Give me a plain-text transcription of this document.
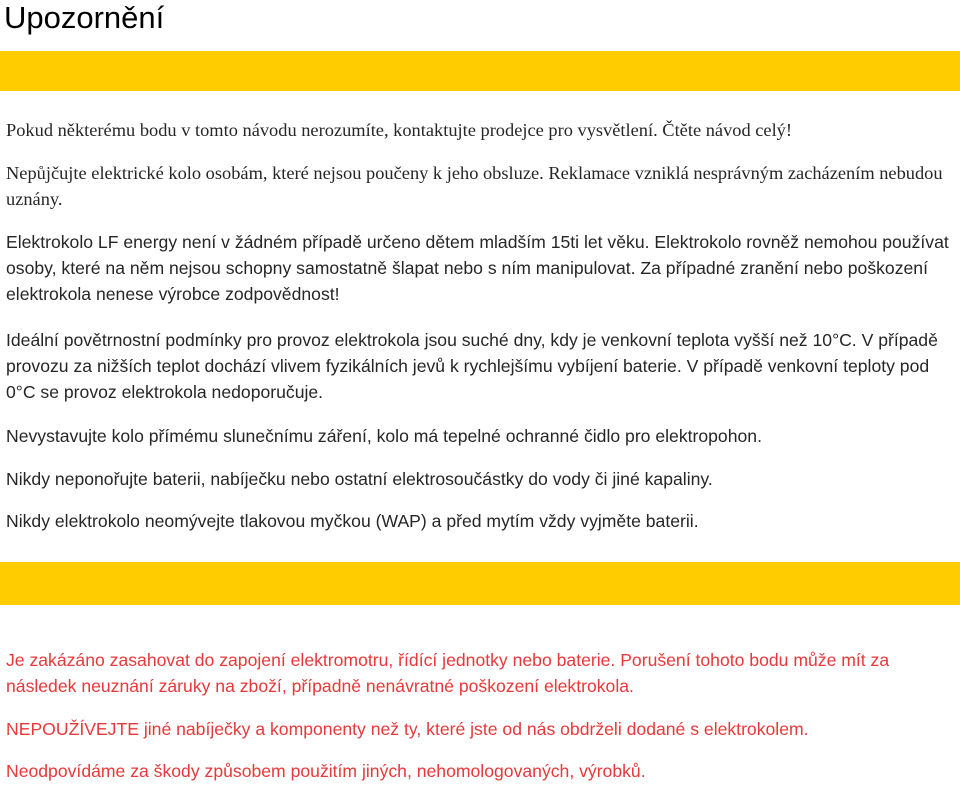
Upozornění

Pokud některému bodu v tomto návodu nerozumíte, kontaktujte prodejce pro vysvětlení. Čtěte návod celý!

Nepůjčujte elektrické kolo osobám, které nejsou poučeny k jeho obsluze. Reklamace vzniklá nesprávným zacházením nebudou uznány.

Elektrokolo LF energy není v žádném případě určeno dětem mladším 15ti let věku. Elektrokolo rovněž nemohou používat osoby, které na něm nejsou schopny samostatně šlapat nebo s ním manipulovat. Za případné zranění nebo poškození elektrokola nenese výrobce zodpovědnost!

Ideální povětrnostní podmínky pro provoz elektrokola jsou suché dny, kdy je venkovní teplota vyšší než 10°C. V případě provozu za nižších teplot dochází vlivem fyzikálních jevů k rychlejšímu vybíjení baterie. V případě venkovní teploty pod 0°C se provoz elektrokola nedoporučuje.

Nevystavujte kolo přímému slunečnímu záření, kolo má tepelné ochranné čidlo pro elektropohon.

Nikdy neponořujte baterii, nabíječku nebo ostatní elektrosoučástky do vody či jiné kapaliny.

Nikdy elektrokolo neomývejte tlakovou myčkou (WAP) a před mytím vždy vyjměte baterii.

Je zakázáno zasahovat do zapojení elektromotru, řídící jednotky nebo baterie. Porušení tohoto bodu může mít za následek neuznání záruky na zboží, případně nenávratné poškození elektrokola.

NEPOUŽÍVEJTE jiné nabíječky a komponenty než ty, které jste od nás obdrželi dodané s elektrokolem.

Neodpovídáme za škody způsobem použitím jiných, nehomologovaných, výrobků.
